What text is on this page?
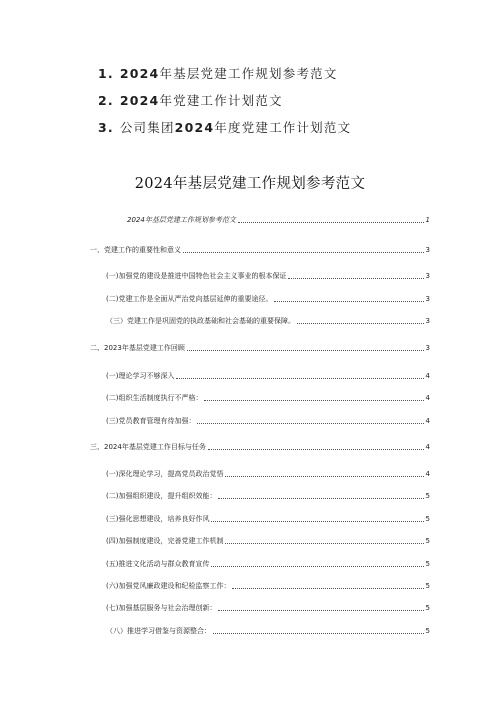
1. 2024年基层党建工作规划参考范文
2. 2024年党建工作计划范文
3. 公司集团2024年度党建工作计划范文
2024年基层党建工作规划参考范文
2024年基层党建工作规划参考范文	1
一、党建工作的重要性和意义	3
(一)加强党的建设是推进中国特色社会主义事业的根本保证	3
(二)党建工作是全面从严治党向基层延伸的重要途径。	3
（三）党建工作是巩固党的执政基础和社会基础的重要保障。	3
二、2023年基层党建工作回顾	3
(一)理论学习不够深入	4
(二)组织生活制度执行不严格：	4
(三)党员教育管理有待加强：	4
三、2024年基层党建工作目标与任务	4
(一)深化理论学习，提高党员政治觉悟	4
(二)加强组织建设，提升组织效能：	5
(三)强化思想建设，培养良好作风	5
(四)加强制度建设，完善党建工作机制	5
(五)推进文化活动与群众教育宣传	5
(六)加强党风廉政建设和纪检监察工作：	5
(七)加强基层服务与社会治理创新：	5
（八）推进学习借鉴与资源整合：	5
